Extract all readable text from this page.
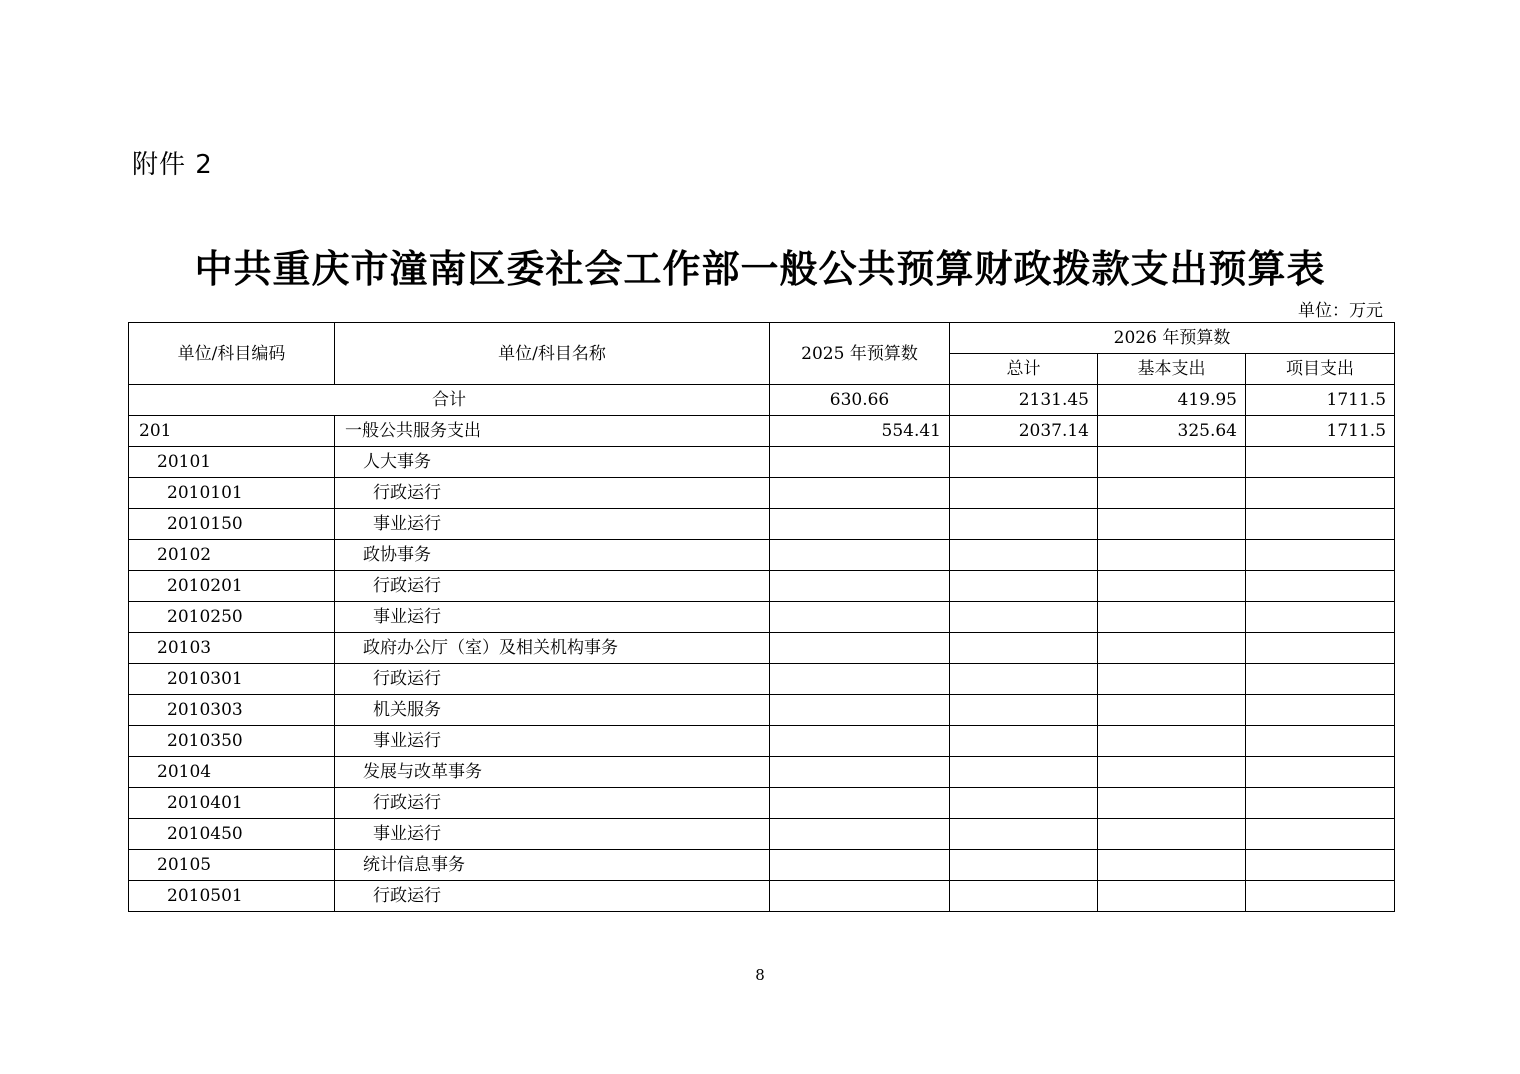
附件 2
中共重庆市潼南区委社会工作部一般公共预算财政拨款支出预算表
单位：万元
单位/科目编码	单位/科目名称	2025 年预算数	2026 年预算数		
			总计	基本支出	项目支出
合计		630.66	2131.45	419.95	1711.5
201	一般公共服务支出	554.41	2037.14	325.64	1711.5
20101	人大事务				
2010101	行政运行				
2010150	事业运行				
20102	政协事务				
2010201	行政运行				
2010250	事业运行				
20103	政府办公厅（室）及相关机构事务				
2010301	行政运行				
2010303	机关服务				
2010350	事业运行				
20104	发展与改革事务				
2010401	行政运行				
2010450	事业运行				
20105	统计信息事务				
2010501	行政运行				
8
